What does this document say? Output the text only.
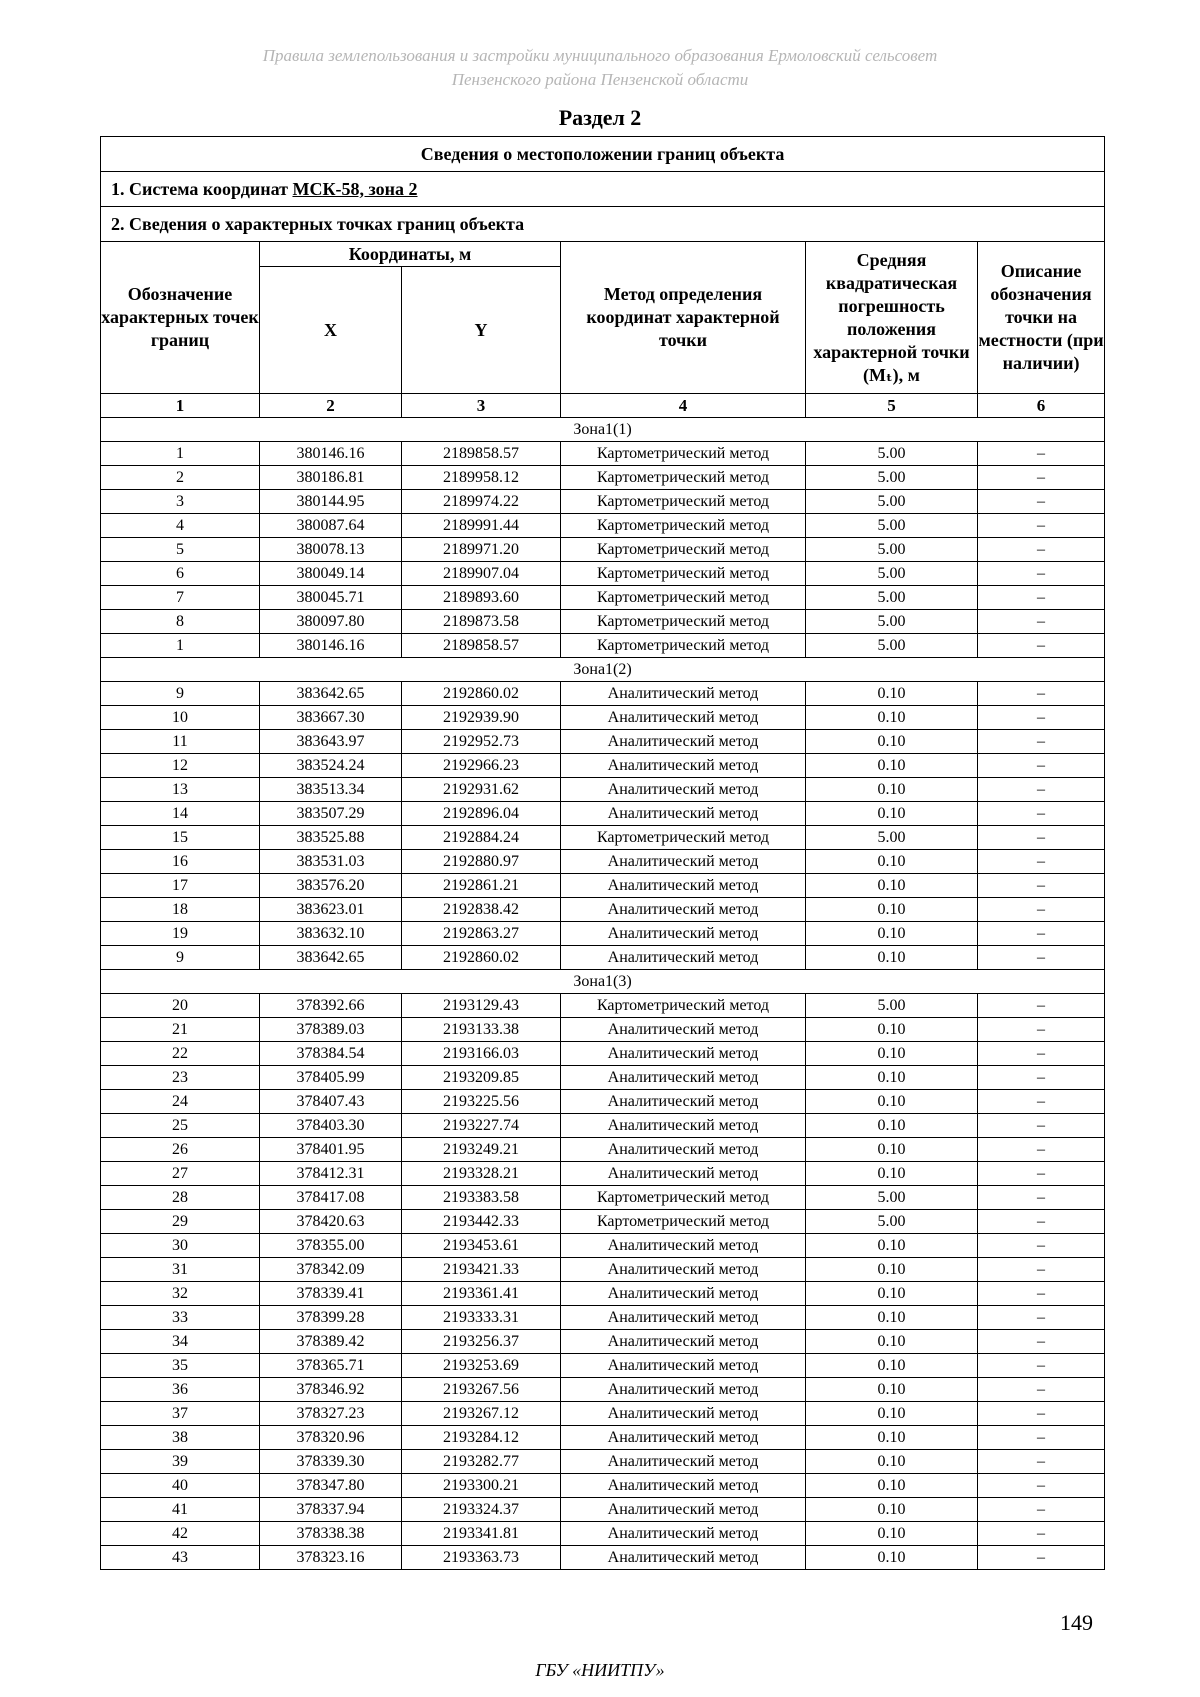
Правила землепользования и застройки муниципального образования Ермоловский сельсовет
Пензенского района Пензенской области
Раздел 2
Сведения о местоположении границ объекта					
1. Система координат МСК-58, зона 2					
2. Сведения о характерных точках границ объекта					
Обозначение характерных точек границ	Координаты, м		Метод определения координат характерной точки	Средняя квадратическая погрешность положения характерной точки (Mₜ), м	Описание обозначения точки на местности (при наличии)
	X	Y			
1	2	3	4	5	6
Зона1(1)					
1	380146.16	2189858.57	Картометрический метод	5.00	–
2	380186.81	2189958.12	Картометрический метод	5.00	–
3	380144.95	2189974.22	Картометрический метод	5.00	–
4	380087.64	2189991.44	Картометрический метод	5.00	–
5	380078.13	2189971.20	Картометрический метод	5.00	–
6	380049.14	2189907.04	Картометрический метод	5.00	–
7	380045.71	2189893.60	Картометрический метод	5.00	–
8	380097.80	2189873.58	Картометрический метод	5.00	–
1	380146.16	2189858.57	Картометрический метод	5.00	–
Зона1(2)					
9	383642.65	2192860.02	Аналитический метод	0.10	–
10	383667.30	2192939.90	Аналитический метод	0.10	–
11	383643.97	2192952.73	Аналитический метод	0.10	–
12	383524.24	2192966.23	Аналитический метод	0.10	–
13	383513.34	2192931.62	Аналитический метод	0.10	–
14	383507.29	2192896.04	Аналитический метод	0.10	–
15	383525.88	2192884.24	Картометрический метод	5.00	–
16	383531.03	2192880.97	Аналитический метод	0.10	–
17	383576.20	2192861.21	Аналитический метод	0.10	–
18	383623.01	2192838.42	Аналитический метод	0.10	–
19	383632.10	2192863.27	Аналитический метод	0.10	–
9	383642.65	2192860.02	Аналитический метод	0.10	–
Зона1(3)					
20	378392.66	2193129.43	Картометрический метод	5.00	–
21	378389.03	2193133.38	Аналитический метод	0.10	–
22	378384.54	2193166.03	Аналитический метод	0.10	–
23	378405.99	2193209.85	Аналитический метод	0.10	–
24	378407.43	2193225.56	Аналитический метод	0.10	–
25	378403.30	2193227.74	Аналитический метод	0.10	–
26	378401.95	2193249.21	Аналитический метод	0.10	–
27	378412.31	2193328.21	Аналитический метод	0.10	–
28	378417.08	2193383.58	Картометрический метод	5.00	–
29	378420.63	2193442.33	Картометрический метод	5.00	–
30	378355.00	2193453.61	Аналитический метод	0.10	–
31	378342.09	2193421.33	Аналитический метод	0.10	–
32	378339.41	2193361.41	Аналитический метод	0.10	–
33	378399.28	2193333.31	Аналитический метод	0.10	–
34	378389.42	2193256.37	Аналитический метод	0.10	–
35	378365.71	2193253.69	Аналитический метод	0.10	–
36	378346.92	2193267.56	Аналитический метод	0.10	–
37	378327.23	2193267.12	Аналитический метод	0.10	–
38	378320.96	2193284.12	Аналитический метод	0.10	–
39	378339.30	2193282.77	Аналитический метод	0.10	–
40	378347.80	2193300.21	Аналитический метод	0.10	–
41	378337.94	2193324.37	Аналитический метод	0.10	–
42	378338.38	2193341.81	Аналитический метод	0.10	–
43	378323.16	2193363.73	Аналитический метод	0.10	–
149
ГБУ «НИИТПУ»
